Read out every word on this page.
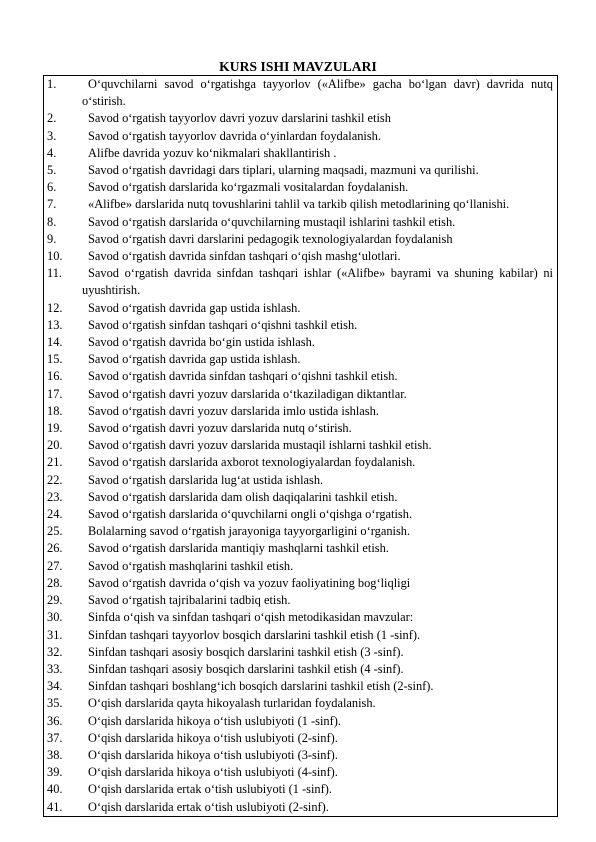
KURS ISHI MAVZULARI
1.	O‘quvchilarni savod o‘rgatishga tayyorlov («Alifbe» gacha bo‘lgan davr) davrida nutq o‘stirish.
2.	Savod o‘rgatish tayyorlov davri yozuv darslarini tashkil etish
3.	Savod o‘rgatish tayyorlov davrida o‘yinlardan foydalanish.
4.	Alifbe davrida yozuv ko‘nikmalari shakllantirish .
5.	Savod o‘rgatish davridagi dars tiplari, ularning maqsadi, mazmuni va qurilishi.
6.	Savod o‘rgatish darslarida ko‘rgazmali vositalardan foydalanish.
7.	«Alifbe» darslarida nutq tovushlarini tahlil va tarkib qilish metodlarining qo‘llanishi.
8.	Savod o‘rgatish darslarida o‘quvchilarning mustaqil ishlarini tashkil etish.
9.	Savod o‘rgatish davri darslarini pedagogik texnologiyalardan foydalanish
10.	Savod o‘rgatish davrida sinfdan tashqari o‘qish mashg‘ulotlari.
11.	Savod o‘rgatish davrida sinfdan tashqari ishlar («Alifbe» bayrami va shuning kabilar) ni uyushtirish.
12.	Savod o‘rgatish davrida gap ustida ishlash.
13.	Savod o‘rgatish sinfdan tashqari o‘qishni tashkil etish.
14.	Savod o‘rgatish davrida bo‘gin ustida ishlash.
15.	Savod o‘rgatish davrida gap ustida ishlash.
16.	Savod o‘rgatish davrida sinfdan tashqari o‘qishni tashkil etish.
17.	Savod o‘rgatish davri yozuv darslarida o‘tkaziladigan diktantlar.
18.	Savod o‘rgatish davri yozuv darslarida imlo ustida ishlash.
19.	Savod o‘rgatish davri yozuv darslarida nutq o‘stirish.
20.	Savod o‘rgatish davri yozuv darslarida mustaqil ishlarni tashkil etish.
21.	Savod o‘rgatish darslarida axborot texnologiyalardan foydalanish.
22.	Savod o‘rgatish darslarida lug‘at ustida ishlash.
23.	Savod o‘rgatish darslarida dam olish daqiqalarini tashkil etish.
24.	Savod o‘rgatish darslarida o‘quvchilarni ongli o‘qishga o‘rgatish.
25.	Bolalarning savod o‘rgatish jarayoniga tayyorgarligini o‘rganish.
26.	Savod o‘rgatish darslarida mantiqiy mashqlarni tashkil etish.
27.	Savod o‘rgatish mashqlarini tashkil etish.
28.	Savod o‘rgatish davrida o‘qish va yozuv faoliyatining bog‘liqligi
29.	Savod o‘rgatish tajribalarini tadbiq etish.
30.	Sinfda o‘qish va sinfdan tashqari o‘qish metodikasidan mavzular:
31.	Sinfdan tashqari tayyorlov bosqich darslarini tashkil etish (1 -sinf).
32.	Sinfdan tashqari asosiy bosqich darslarini tashkil etish (3 -sinf).
33.	Sinfdan tashqari asosiy bosqich darslarini tashkil etish (4 -sinf).
34.	Sinfdan tashqari boshlang‘ich bosqich darslarini tashkil etish (2-sinf).
35.	O‘qish darslarida qayta hikoyalash turlaridan foydalanish.
36.	O‘qish darslarida hikoya o‘tish uslubiyoti (1 -sinf).
37.	O‘qish darslarida hikoya o‘tish uslubiyoti (2-sinf).
38.	O‘qish darslarida hikoya o‘tish uslubiyoti (3-sinf).
39.	O‘qish darslarida hikoya o‘tish uslubiyoti (4-sinf).
40.	O‘qish darslarida ertak o‘tish uslubiyoti (1 -sinf).
41.	O‘qish darslarida ertak o‘tish uslubiyoti (2-sinf).
